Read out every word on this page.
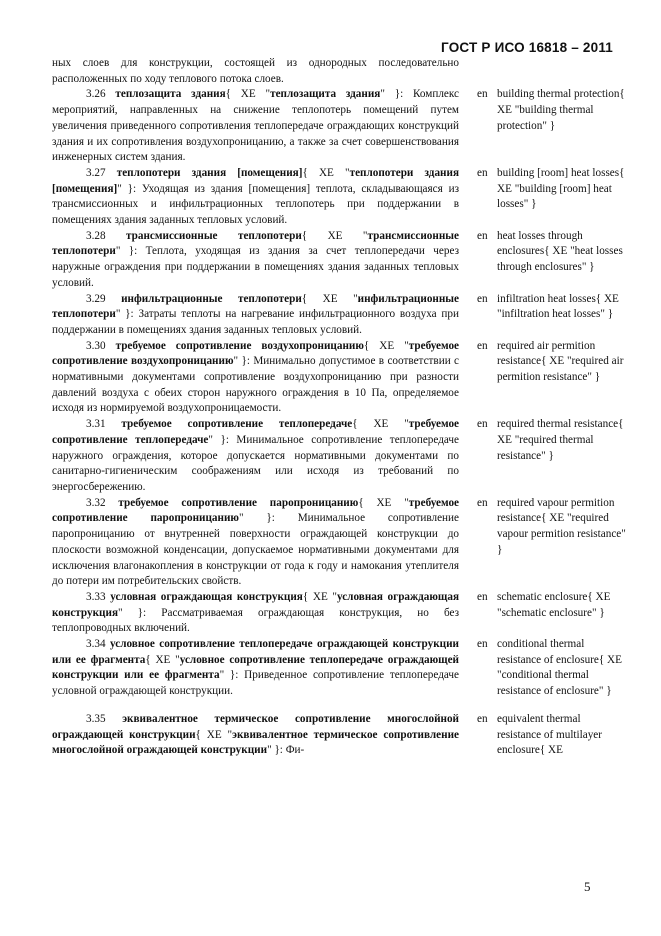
ГОСТ Р ИСО 16818 – 2011
ных слоев для конструкции, состоящей из однородных последовательно расположенных по ходу теплового потока слоев.
3.26 теплозащита здания{ XE "теплозащита здания" }: Комплекс мероприятий, направленных на снижение теплопотерь помещений путем увеличения приведенного сопротивления теплопередаче ограждающих конструкций здания и их сопротивления воздухопроницанию, а также за счет совершенствования инженерных систем здания.
en building thermal protection{ XE "building thermal protection" }
3.27 теплопотери здания [помещения]{ XE "теплопотери здания [помещения]" }: Уходящая из здания [помещения] теплота, складывающаяся из трансмиссионных и инфильтрационных теплопотерь при поддержании в помещениях здания заданных тепловых условий.
en building [room] heat losses{ XE "building [room] heat losses" }
3.28 трансмиссионные теплопотери{ XE "трансмиссионные теплопотери" }: Теплота, уходящая из здания за счет теплопередачи через наружные ограждения при поддержании в помещениях здания заданных тепловых условий.
en heat losses through enclosures{ XE "heat losses through enclosures" }
3.29 инфильтрационные теплопотери{ XE "инфильтрационные теплопотери" }: Затраты теплоты на нагревание инфильтрационного воздуха при поддержании в помещениях здания заданных тепловых условий.
en infiltration heat losses{ XE "infiltration heat losses" }
3.30 требуемое сопротивление воздухопроницанию{ XE "требуемое сопротивление воздухопроницанию" }: Минимально допустимое в соответствии с нормативными документами сопротивление воздухопроницанию при разности давлений воздуха с обеих сторон наружного ограждения в 10 Па, определяемое исходя из нормируемой воздухопроницаемости.
en required air permition resistance{ XE "required air permition resistance" }
3.31 требуемое сопротивление теплопередаче{ XE "требуемое сопротивление теплопередаче" }: Минимальное сопротивление теплопередаче наружного ограждения, которое допускается нормативными документами по санитарно-гигиеническим соображениям или исходя из требований по энергосбережению.
en required thermal resistance{ XE "required thermal resistance" }
3.32 требуемое сопротивление паропроницанию{ XE "требуемое сопротивление паропроницанию" }: Минимальное сопротивление паропроницанию от внутренней поверхности ограждающей конструкции до плоскости возможной конденсации, допускаемое нормативными документами для исключения влагонакопления в конструкции от года к году и намокания утеплителя до потери им потребительских свойств.
en required vapour permition resistance{ XE "required vapour permition resistance" }
3.33 условная ограждающая конструкция{ XE "условная ограждающая конструкция" }: Рассматриваемая ограждающая конструкция, но без теплопроводных включений.
en schematic enclosure{ XE "schematic enclosure" }
3.34 условное сопротивление теплопередаче ограждающей конструкции или ее фрагмента{ XE "условное сопротивление теплопередаче ограждающей конструкции или ее фрагмента" }: Приведенное сопротивление теплопередаче условной ограждающей конструкции.
en conditional thermal resistance of enclosure{ XE "conditional thermal resistance of enclosure" }
3.35 эквивалентное термическое сопротивление многослойной ограждающей конструкции{ XE "эквивалентное термическое сопротивление многослойной ограждающей конструкции" }: Фи-
en equivalent thermal resistance of multilayer enclosure{ XE
5
